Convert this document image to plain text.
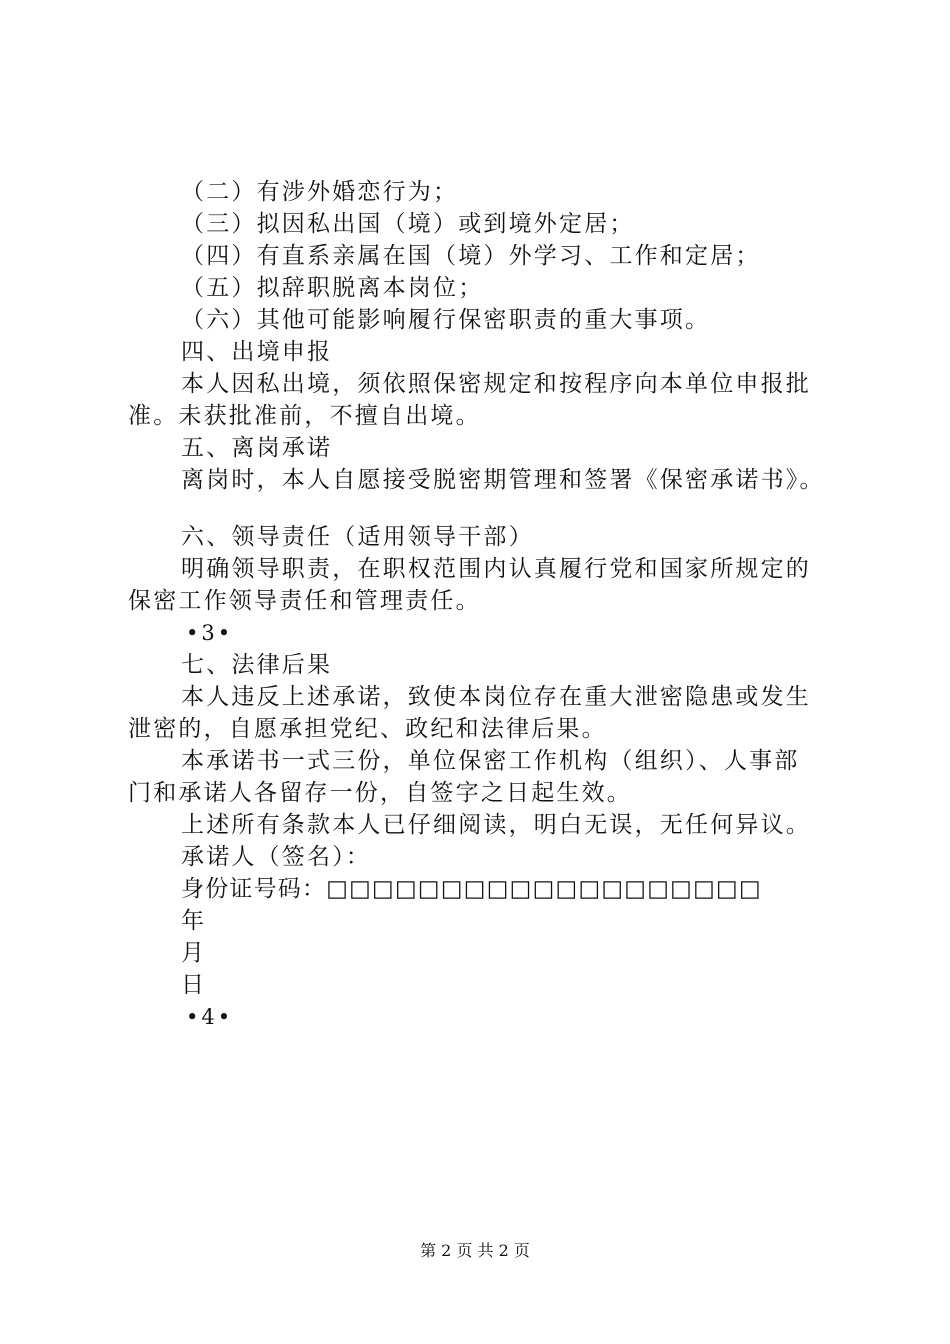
（二）有涉外婚恋行为；

（三）拟因私出国（境）或到境外定居；

（四）有直系亲属在国（境）外学习、工作和定居；

（五）拟辞职脱离本岗位；

（六）其他可能影响履行保密职责的重大事项。

四、出境申报

本人因私出境，须依照保密规定和按程序向本单位申报批

准。未获批准前，不擅自出境。

五、离岗承诺

离岗时，本人自愿接受脱密期管理和签署《保密承诺书》。

六、领导责任（适用领导干部）

明确领导职责，在职权范围内认真履行党和国家所规定的

保密工作领导责任和管理责任。

•3•

七、法律后果

本人违反上述承诺，致使本岗位存在重大泄密隐患或发生

泄密的，自愿承担党纪、政纪和法律后果。

本承诺书一式三份，单位保密工作机构（组织）、人事部

门和承诺人各留存一份，自签字之日起生效。

上述所有条款本人已仔细阅读，明白无误，无任何异议。

承诺人（签名）：

身份证号码：□□□□□□□□□□□□□□□□□□□

年

月

日

•4•

第 2 页 共 2 页
